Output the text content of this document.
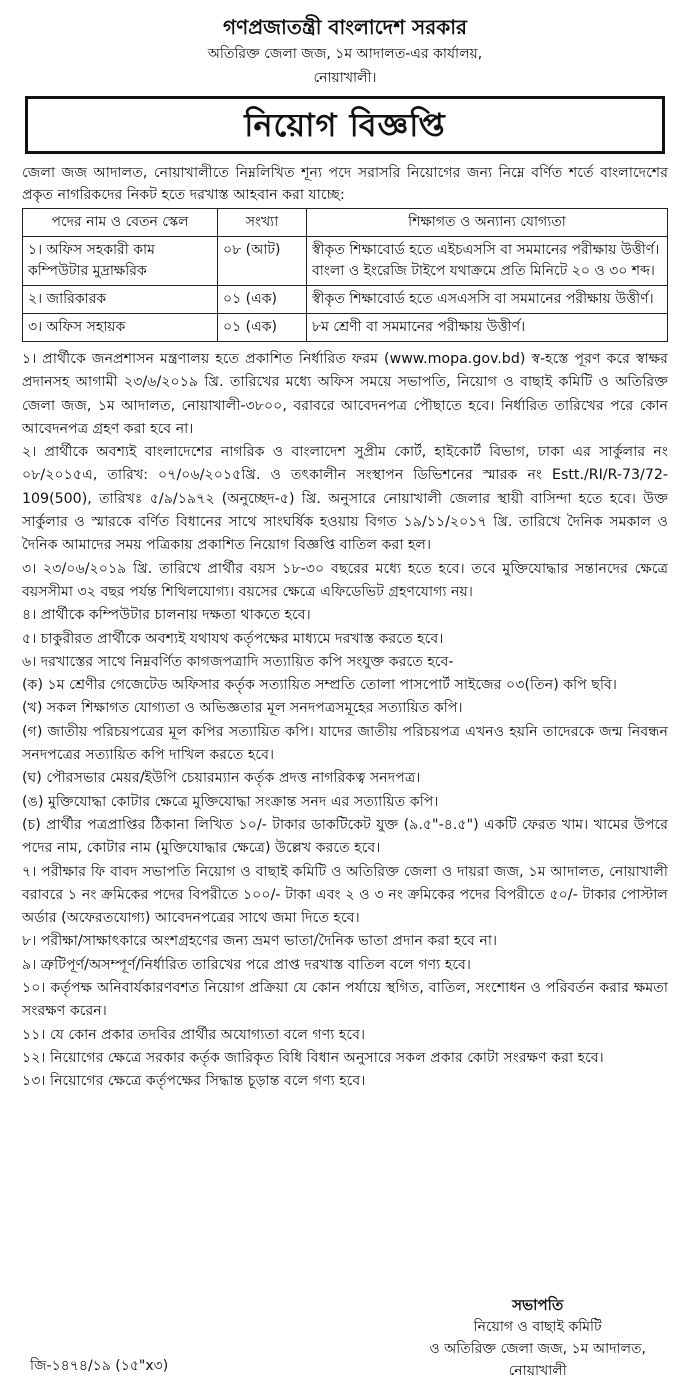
গণপ্রজাতন্ত্রী বাংলাদেশ সরকার
অতিরিক্ত জেলা জজ, ১ম আদালত-এর কার্যালয়,
নোয়াখালী।
নিয়োগ বিজ্ঞপ্তি
জেলা জজ আদালত, নোয়াখালীতে নিম্নলিখিত শূন্য পদে সরাসরি নিয়োগের জন্য নিম্নে বর্ণিত শর্তে বাংলাদেশের প্রকৃত নাগরিকদের নিকট হতে দরখাস্ত আহবান করা যাচ্ছে:
পদের নাম ও বেতন স্কেল	সংখ্যা	শিক্ষাগত ও অন্যান্য যোগ্যতা
১। অফিস সহকারী কাম কম্পিউটার মুদ্রাক্ষরিক	০৮ (আট)	স্বীকৃত শিক্ষাবোর্ড হতে এইচএসসি বা সমমানের পরীক্ষায় উত্তীর্ণ। বাংলা ও ইংরেজি টাইপে যথাক্রমে প্রতি মিনিটে ২০ ও ৩০ শব্দ।
২। জারিকারক	০১ (এক)	স্বীকৃত শিক্ষাবোর্ড হতে এসএসসি বা সমমানের পরীক্ষায় উত্তীর্ণ।
৩। অফিস সহায়ক	০১ (এক)	৮ম শ্রেণী বা সমমানের পরীক্ষায় উত্তীর্ণ।
১। প্রার্থীকে জনপ্রশাসন মন্ত্রণালয় হতে প্রকাশিত নির্ধারিত ফরম (www.mopa.gov.bd) স্ব-হস্তে পূরণ করে স্বাক্ষর প্রদানসহ আগামী ২৩/৬/২০১৯ খ্রি. তারিখের মধ্যে অফিস সময়ে সভাপতি, নিয়োগ ও বাছাই কমিটি ও অতিরিক্ত জেলা জজ, ১ম আদালত, নোয়াখালী-৩৮০০, বরাবরে আবেদনপত্র পৌছাতে হবে। নির্ধারিত তারিখের পরে কোন আবেদনপত্র গ্রহণ করা হবে না।
২। প্রার্থীকে অবশ্যই বাংলাদেশের নাগরিক ও বাংলাদেশ সুপ্রীম কোর্ট, হাইকোর্ট বিভাগ, ঢাকা এর সার্কুলার নং ০৮/২০১৫এ, তারিখ: ০৭/০৬/২০১৫খ্রি. ও তৎকালীন সংস্থাপন ডিভিশনের স্মারক নং Estt./RI/R-73/72-109(500), তারিখঃ ৫/৯/১৯৭২ (অনুচ্ছেদ-৫) খ্রি. অনুসারে নোয়াখালী জেলার স্থায়ী বাসিন্দা হতে হবে। উক্ত সার্কুলার ও স্মারকে বর্ণিত বিধানের সাথে সাংঘর্ষিক হওয়ায় বিগত ১৯/১১/২০১৭ খ্রি. তারিখে দৈনিক সমকাল ও দৈনিক আমাদের সময় পত্রিকায় প্রকাশিত নিয়োগ বিজ্ঞপ্তি বাতিল করা হল।
৩। ২৩/০৬/২০১৯ খ্রি. তারিখে প্রার্থীর বয়স ১৮-৩০ বছরের মধ্যে হতে হবে। তবে মুক্তিযোদ্ধার সন্তানদের ক্ষেত্রে বয়সসীমা ৩২ বছর পর্যন্ত শিথিলযোগ্য। বয়সের ক্ষেত্রে এফিডেভিট গ্রহণযোগ্য নয়।
৪। প্রার্থীকে কম্পিউটার চালনায় দক্ষতা থাকতে হবে।
৫। চাকুরীরত প্রার্থীকে অবশ্যই যথাযথ কর্তৃপক্ষের মাধ্যমে দরখাস্ত করতে হবে।
৬। দরখাস্তের সাথে নিম্নবর্ণিত কাগজপত্রাদি সত্যায়িত কপি সংযুক্ত করতে হবে-
(ক) ১ম শ্রেণীর গেজেটেড অফিসার কর্তৃক সত্যায়িত সম্প্রতি তোলা পাসপোর্ট সাইজের ০৩(তিন) কপি ছবি।
(খ) সকল শিক্ষাগত যোগ্যতা ও অভিজ্ঞতার মূল সনদপত্রসমূহের সত্যায়িত কপি।
(গ) জাতীয় পরিচয়পত্রের মূল কপির সত্যায়িত কপি। যাদের জাতীয় পরিচয়পত্র এখনও হয়নি তাদেরকে জন্ম নিবন্ধন সনদপত্রের সত্যায়িত কপি দাখিল করতে হবে।
(ঘ) পৌরসভার মেয়র/ইউপি চেয়ারম্যান কর্তৃক প্রদত্ত নাগরিকত্ব সনদপত্র।
(ঙ) মুক্তিযোদ্ধা কোটার ক্ষেত্রে মুক্তিযোদ্ধা সংক্রান্ত সনদ এর সত্যায়িত কপি।
(চ) প্রার্থীর পত্রপ্রাপ্তির ঠিকানা লিখিত ১০/- টাকার ডাকটিকেট যুক্ত (৯.৫"-৪.৫") একটি ফেরত খাম। খামের উপরে পদের নাম, কোটার নাম (মুক্তিযোদ্ধার ক্ষেত্রে) উল্লেখ করতে হবে।
৭। পরীক্ষার ফি বাবদ সভাপতি নিয়োগ ও বাছাই কমিটি ও অতিরিক্ত জেলা ও দায়রা জজ, ১ম আদালত, নোয়াখালী বরাবরে ১ নং ক্রমিকের পদের বিপরীতে ১০০/- টাকা এবং ২ ও ৩ নং ক্রমিকের পদের বিপরীতে ৫০/- টাকার পোস্টাল অর্ডার (অফেরতযোগ্য) আবেদনপত্রের সাথে জমা দিতে হবে।
৮। পরীক্ষা/সাক্ষাৎকারে অংশগ্রহণের জন্য ভ্রমণ ভাতা/দৈনিক ভাতা প্রদান করা হবে না।
৯। ত্রুটিপূর্ণ/অসম্পূর্ণ/নির্ধারিত তারিখের পরে প্রাপ্ত দরখাস্ত বাতিল বলে গণ্য হবে।
১০। কর্তৃপক্ষ অনিবার্যকারণবশত নিয়োগ প্রক্রিয়া যে কোন পর্যায়ে স্থগিত, বাতিল, সংশোধন ও পরিবর্তন করার ক্ষমতা সংরক্ষণ করেন।
১১। যে কোন প্রকার তদবির প্রার্থীর অযোগ্যতা বলে গণ্য হবে।
১২। নিয়োগের ক্ষেত্রে সরকার কর্তৃক জারিকৃত বিধি বিধান অনুসারে সকল প্রকার কোটা সংরক্ষণ করা হবে।
১৩। নিয়োগের ক্ষেত্রে কর্তৃপক্ষের সিদ্ধান্ত চূড়ান্ত বলে গণ্য হবে।
সভাপতি
নিয়োগ ও বাছাই কমিটি
ও অতিরিক্ত জেলা জজ, ১ম আদালত,
নোয়াখালী
জি-১৪৭৪/১৯ (১৫"x৩)
